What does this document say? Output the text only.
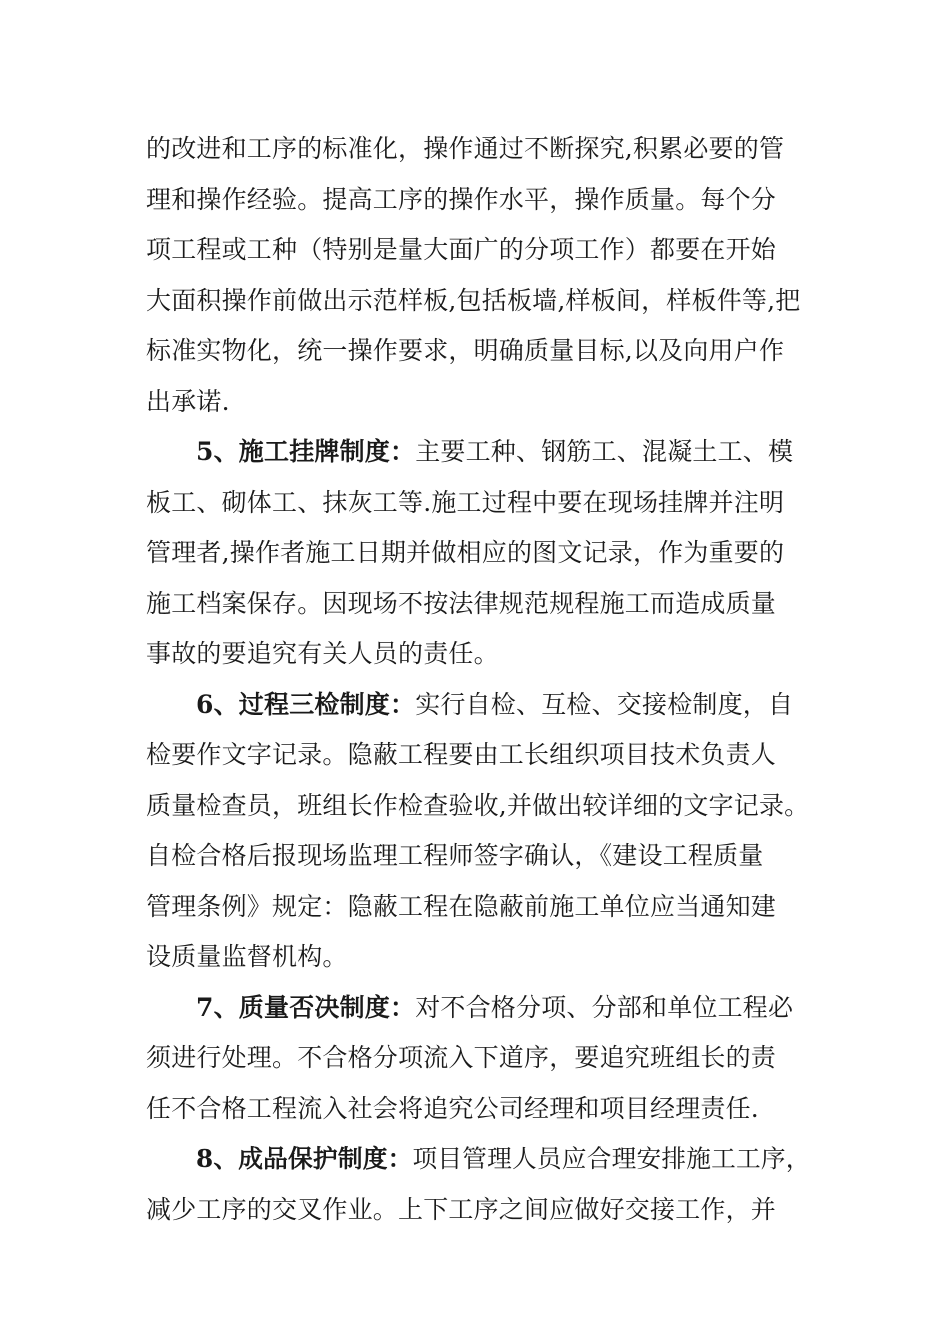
的改进和工序的标准化，操作通过不断探究,积累必要的管
理和操作经验。提高工序的操作水平，操作质量。每个分
项工程或工种（特别是量大面广的分项工作）都要在开始
大面积操作前做出示范样板,包括板墙,样板间，样板件等,把
标准实物化，统一操作要求，明确质量目标,以及向用户作
出承诺.
5、施工挂牌制度：主要工种、钢筋工、混凝土工、模
板工、砌体工、抹灰工等.施工过程中要在现场挂牌并注明
管理者,操作者施工日期并做相应的图文记录，作为重要的
施工档案保存。因现场不按法律规范规程施工而造成质量
事故的要追究有关人员的责任。
6、过程三检制度：实行自检、互检、交接检制度，自
检要作文字记录。隐蔽工程要由工长组织项目技术负责人
质量检查员，班组长作检查验收,并做出较详细的文字记录。
自检合格后报现场监理工程师签字确认，《建设工程质量
管理条例》规定：隐蔽工程在隐蔽前施工单位应当通知建
设质量监督机构。
7、质量否决制度：对不合格分项、分部和单位工程必
须进行处理。不合格分项流入下道序，要追究班组长的责
任不合格工程流入社会将追究公司经理和项目经理责任.
8、成品保护制度：项目管理人员应合理安排施工工序，
减少工序的交叉作业。上下工序之间应做好交接工作，并
